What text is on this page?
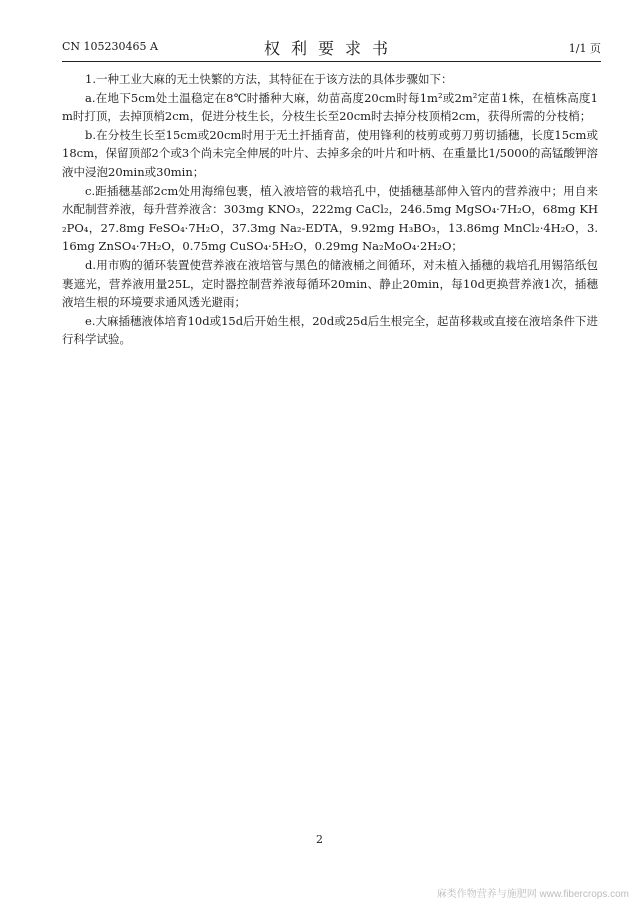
CN 105230465 A	权利要求书	1/1 页

1.一种工业大麻的无土快繁的方法，其特征在于该方法的具体步骤如下：

a.在地下5cm处土温稳定在8℃时播种大麻，幼苗高度20cm时每1m²或2m²定苗1株，在植株高度1m时打顶，去掉顶梢2cm，促进分枝生长，分枝生长至20cm时去掉分枝顶梢2cm，获得所需的分枝梢；

b.在分枝生长至15cm或20cm时用于无土扦插育苗，使用锋利的枝剪或剪刀剪切插穗，长度15cm或18cm，保留顶部2个或3个尚未完全伸展的叶片、去掉多余的叶片和叶柄、在重量比1/5000的高锰酸钾溶液中浸泡20min或30min；

c.距插穗基部2cm处用海绵包裹，植入液培管的栽培孔中，使插穗基部伸入管内的营养液中；用自来水配制营养液，每升营养液含：303mg KNO₃，222mg CaCl₂，246.5mg MgSO₄·7H₂O，68mg KH₂PO₄，27.8mg FeSO₄·7H₂O，37.3mg Na₂-EDTA，9.92mg H₃BO₃，13.86mg MnCl₂·4H₂O，3.16mg ZnSO₄·7H₂O，0.75mg CuSO₄·5H₂O，0.29mg Na₂MoO₄·2H₂O；

d.用市购的循环装置使营养液在液培管与黑色的储液桶之间循环，对未植入插穗的栽培孔用锡箔纸包裹遮光，营养液用量25L，定时器控制营养液每循环20min、静止20min，每10d更换营养液1次，插穗液培生根的环境要求通风透光避雨；

e.大麻插穗液体培育10d或15d后开始生根，20d或25d后生根完全，起苗移栽或直接在液培条件下进行科学试验。

2
麻类作物营养与施肥网 www.fibercrops.com
